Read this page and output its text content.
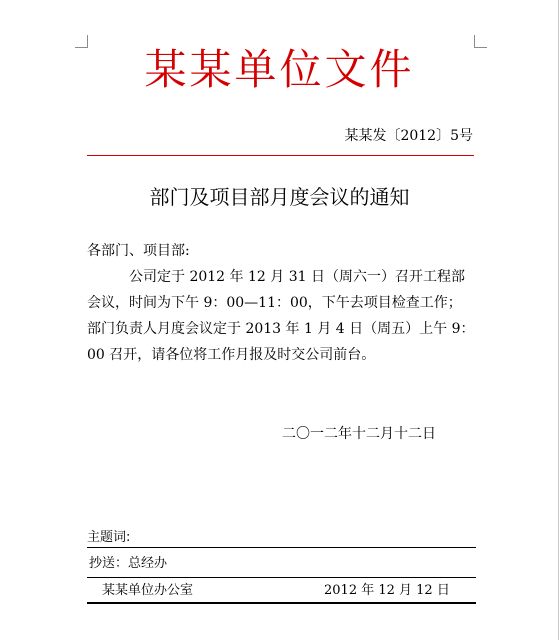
某某单位文件
某某发〔2012〕5号
部门及项目部月度会议的通知
各部门、项目部:
公司定于 2012 年 12 月 31 日（周六一）召开工程部
会议，时间为下午 9：00—11：00，下午去项目检查工作；
部门负责人月度会议定于 2013 年 1 月 4 日（周五）上午 9：
00 召开，请各位将工作月报及时交公司前台。
二〇一二年十二月十二日
主题词:
抄送：总经办
某某单位办公室	2012 年 12 月 12 日
